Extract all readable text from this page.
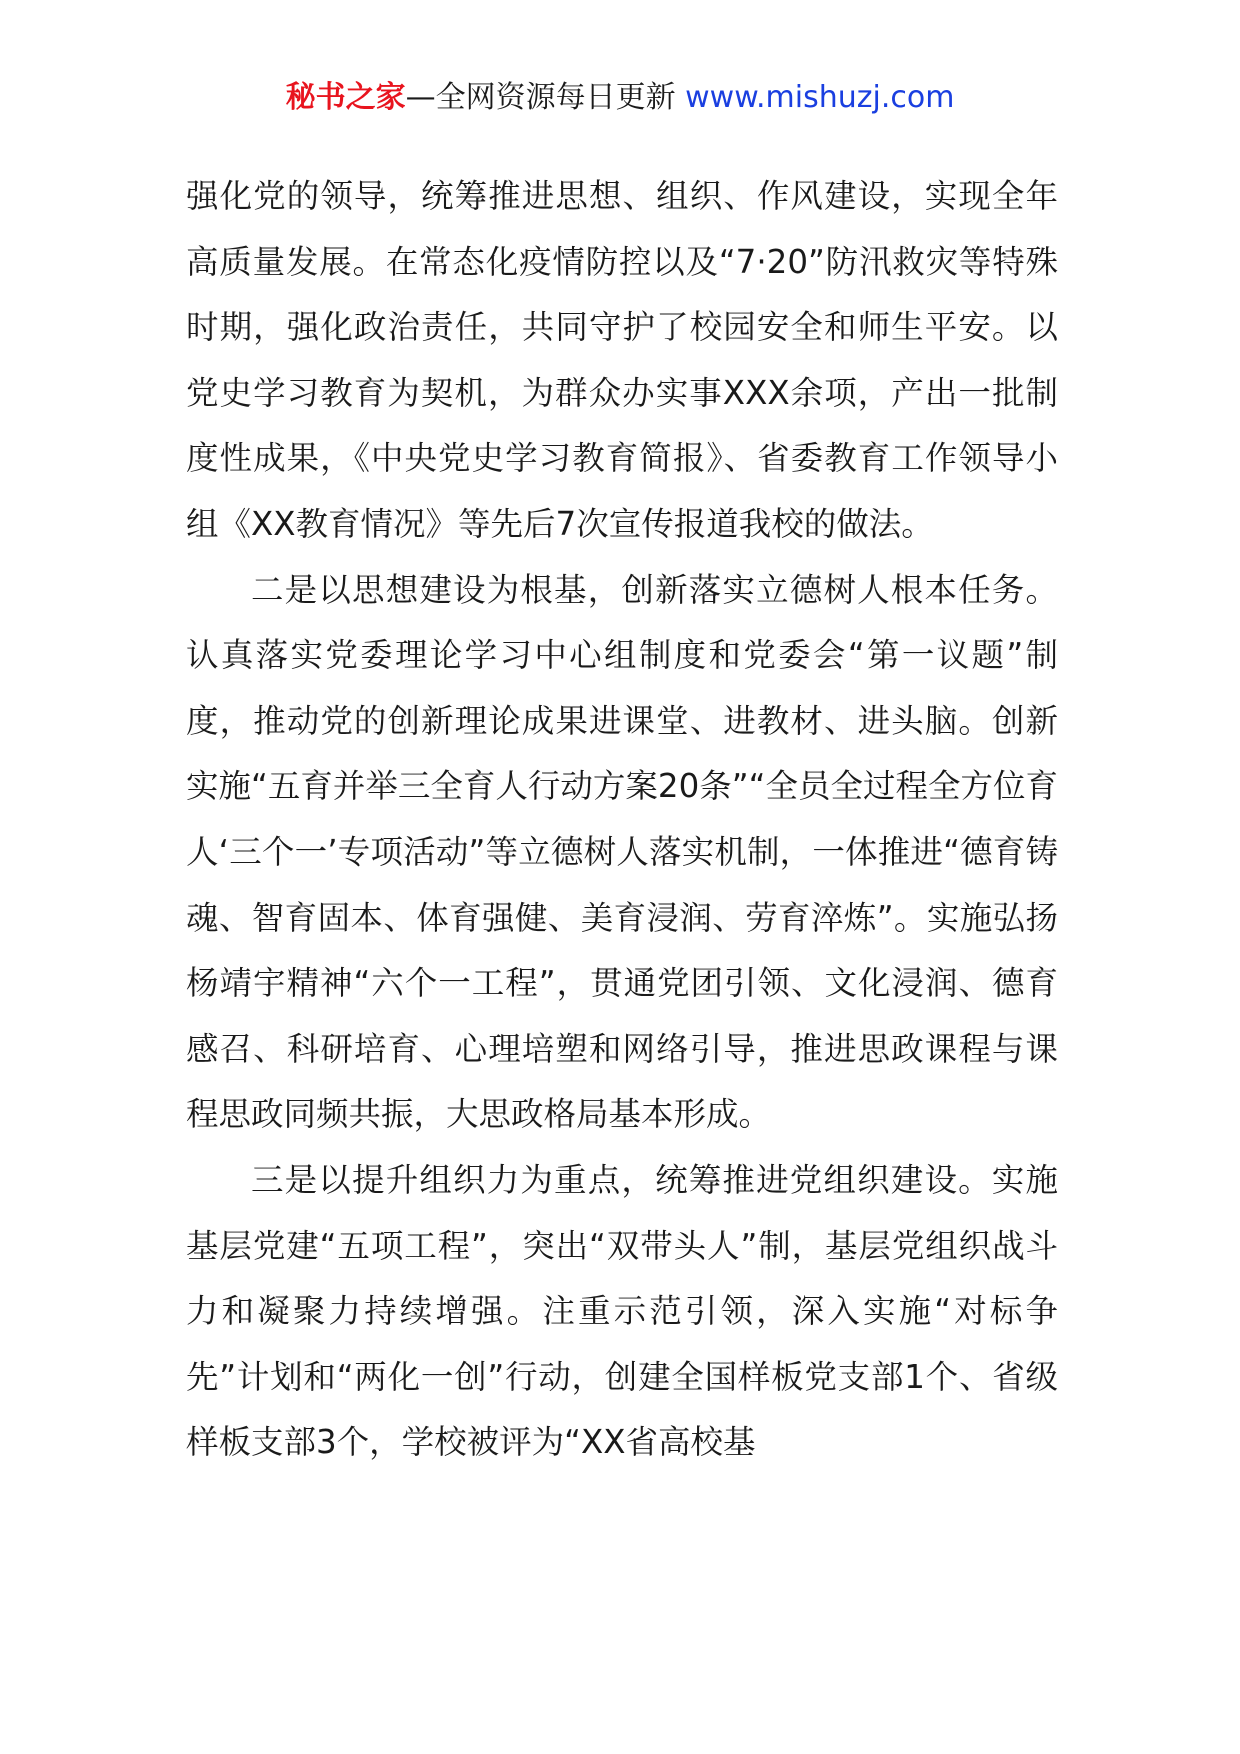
秘书之家—全网资源每日更新 www.mishuzj.com

强化党的领导，统筹推进思想、组织、作风建设，实现全年高质量发展。在常态化疫情防控以及“7·20”防汛救灾等特殊时期，强化政治责任，共同守护了校园安全和师生平安。以党史学习教育为契机，为群众办实事XXX余项，产出一批制度性成果，《中央党史学习教育简报》、省委教育工作领导小组《XX教育情况》等先后7次宣传报道我校的做法。

二是以思想建设为根基，创新落实立德树人根本任务。认真落实党委理论学习中心组制度和党委会“第一议题”制度，推动党的创新理论成果进课堂、进教材、进头脑。创新实施“五育并举三全育人行动方案20条”“全员全过程全方位育人‘三个一’专项活动”等立德树人落实机制，一体推进“德育铸魂、智育固本、体育强健、美育浸润、劳育淬炼”。实施弘扬杨靖宇精神“六个一工程”，贯通党团引领、文化浸润、德育感召、科研培育、心理培塑和网络引导，推进思政课程与课程思政同频共振，大思政格局基本形成。

三是以提升组织力为重点，统筹推进党组织建设。实施基层党建“五项工程”，突出“双带头人”制，基层党组织战斗力和凝聚力持续增强。注重示范引领，深入实施“对标争先”计划和“两化一创”行动，创建全国样板党支部1个、省级样板支部3个，学校被评为“XX省高校基
